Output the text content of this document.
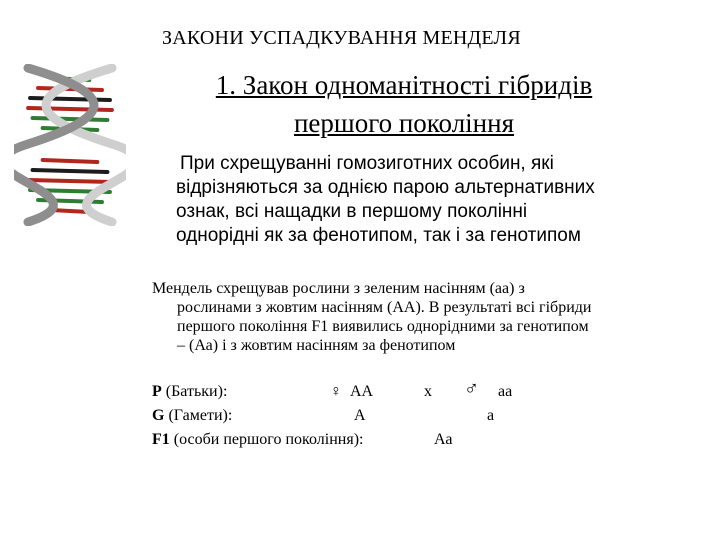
ЗАКОНИ УСПАДКУВАННЯ МЕНДЕЛЯ
1. Закон одноманітності гібридів
першого покоління

При схрещуванні гомозиготних особин, які

відрізняються за однією парою альтернативних

ознак, всі нащадки в першому поколінні

однорідні як за фенотипом, так і за генотипом

Мендель схрещував рослини з зеленим насінням (аа) з

рослинами з жовтим насінням (АА). В результаті всі гібриди

першого покоління F1 виявились однорідними за генотипом

– (Аа) і з жовтим насінням за фенотипом

Р (Батьки):	♀ АА	х ♂ аа
G (Гамети):	А	а
F1 (особи першого покоління):	Аа
